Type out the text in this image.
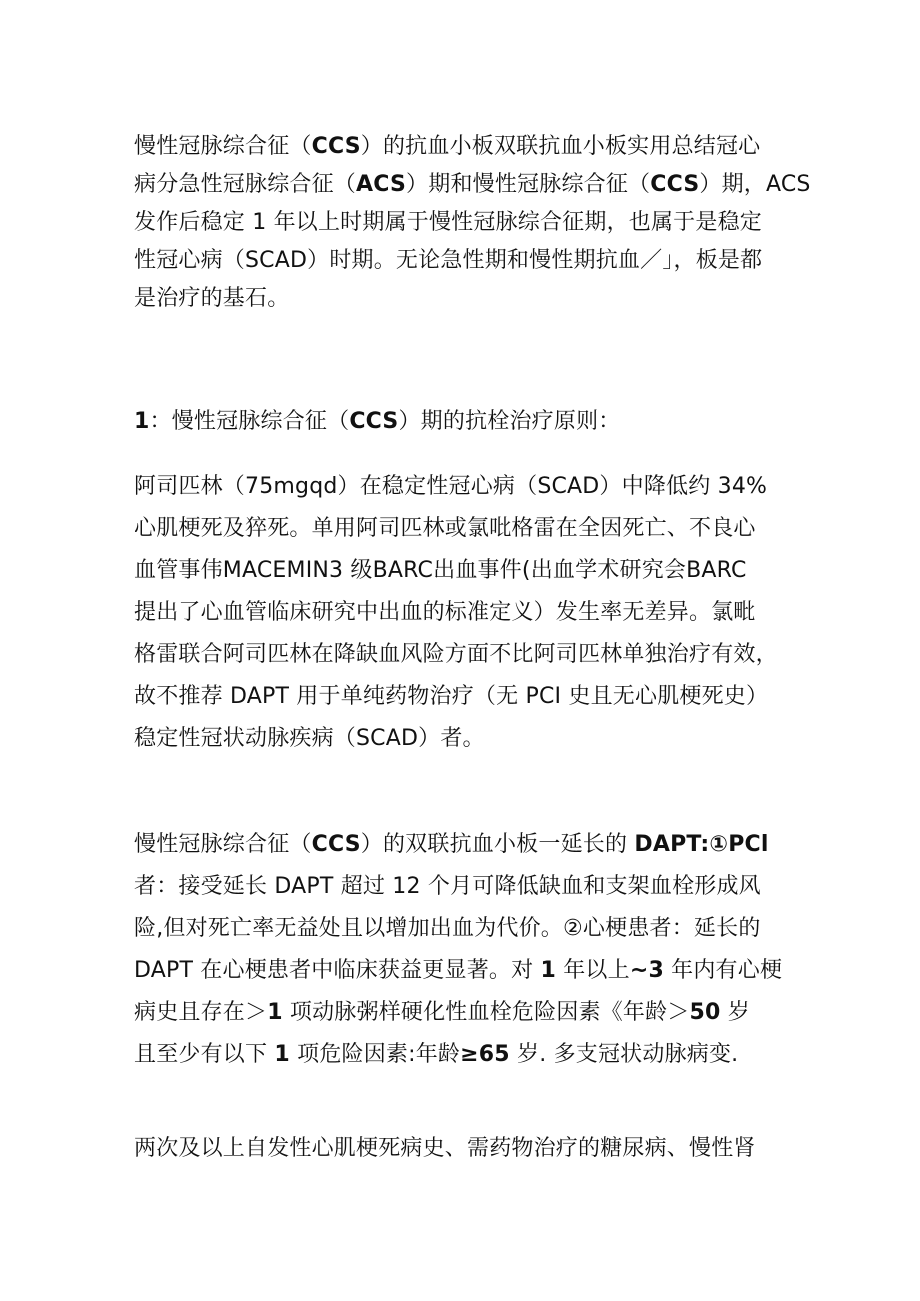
慢性冠脉综合征（CCS）的抗血小板双联抗血小板实用总结冠心
病分急性冠脉综合征（ACS）期和慢性冠脉综合征（CCS）期，ACS
发作后稳定 1 年以上时期属于慢性冠脉综合征期，也属于是稳定
性冠心病（SCAD）时期。无论急性期和慢性期抗血／」，板是都
是治疗的基石。
1：慢性冠脉综合征（CCS）期的抗栓治疗原则：
阿司匹林（75mgqd）在稳定性冠心病（SCAD）中降低约 34%
心肌梗死及猝死。单用阿司匹林或氯吡格雷在全因死亡、不良心
血管事伟MACEMIN3 级BARC出血事件(出血学术研究会BARC
提出了心血管临床研究中出血的标准定义）发生率无差异。氯毗
格雷联合阿司匹林在降缺血风险方面不比阿司匹林单独治疗有效，
故不推荐 DAPT 用于单纯药物治疗（无 PCI 史且无心肌梗死史）
稳定性冠状动脉疾病（SCAD）者。
慢性冠脉综合征（CCS）的双联抗血小板一延长的 DAPT:①PCl
者：接受延长 DAPT 超过 12 个月可降低缺血和支架血栓形成风
险,但对死亡率无益处且以增加出血为代价。②心梗患者：延长的
DAPT 在心梗患者中临床获益更显著。对 1 年以上~3 年内有心梗
病史且存在＞1 项动脉粥样硬化性血栓危险因素《年龄＞50 岁
且至少有以下 1 项危险因素:年龄≥65 岁. 多支冠状动脉病变.
两次及以上自发性心肌梗死病史、需药物治疗的糖尿病、慢性肾
